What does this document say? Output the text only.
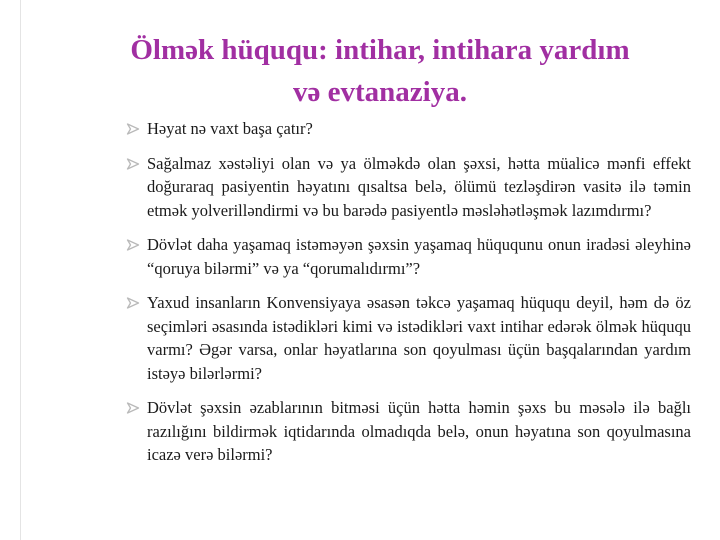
Ölmək hüququ: intihar, intihara yardım
və evtanaziya.
Həyat nə vaxt başa çatır?
Sağalmaz xəstəliyi olan və ya ölməkdə olan şəxsi, hətta müalicə mənfi effekt doğuraraq pasiyentin həyatını qısaltsa belə, ölümü tezləşdirən vasitə ilə təmin etmək yolverilləndirmi və bu barədə pasiyentlə məsləhətləşmək lazımdırmı?
Dövlət daha yaşamaq istəməyən şəxsin yaşamaq hüququnu onun iradəsi əleyhinə “qoruya bilərmi” və ya “qorumalıdırmı”?
Yaxud insanların Konvensiyaya əsasən təkcə yaşamaq hüququ deyil, həm də öz seçimləri əsasında istədikləri kimi və istədikləri vaxt intihar edərək ölmək hüququ varmı? Əgər varsa, onlar həyatlarına son qoyulması üçün başqalarından yardım istəyə bilərlərmi?
Dövlət şəxsin əzablarının bitməsi üçün hətta həmin şəxs bu məsələ ilə bağlı razılığını bildirmək iqtidarında olmadıqda belə, onun həyatına son qoyulmasına icazə verə bilərmi?
